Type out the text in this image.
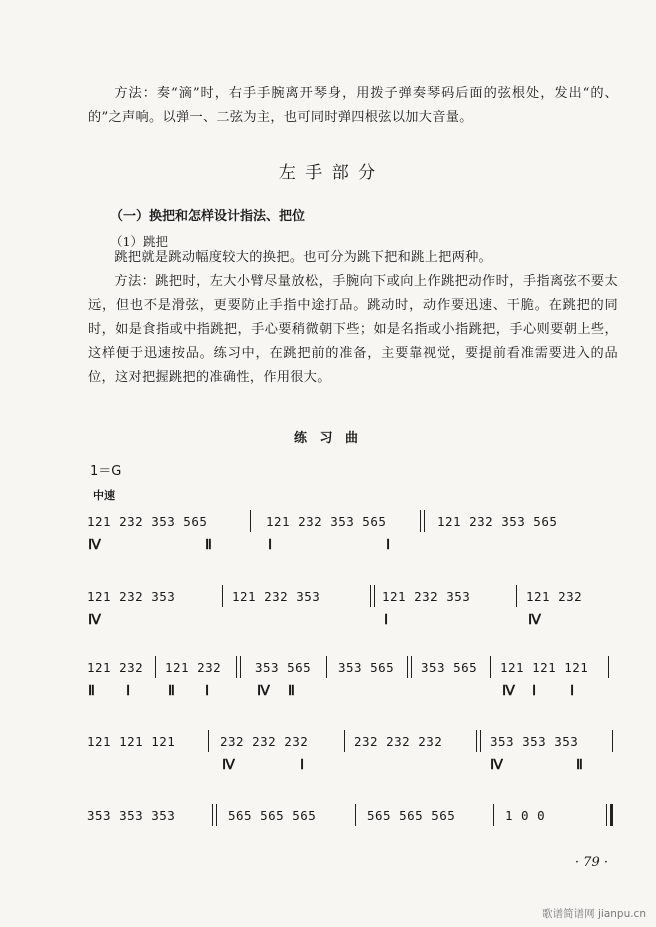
方法：奏“滴”时，右手手腕离开琴身，用拨子弹奏琴码后面的弦根处，发出“的、的”之声响。以弹一、二弦为主，也可同时弹四根弦以加大音量。

左 手 部 分
（一）换把和怎样设计指法、把位
（1）跳把

跳把就是跳动幅度较大的换把。也可分为跳下把和跳上把两种。

方法：跳把时，左大小臂尽量放松，手腕向下或向上作跳把动作时，手指离弦不要太远，但也不是滑弦，更要防止手指中途打品。跳动时，动作要迅速、干脆。在跳把的同时，如是食指或中指跳把，手心要稍微朝下些；如是名指或小指跳把，手心则要朝上些，这样便于迅速按品。练习中，在跳把前的准备，主要靠视觉，要提前看准需要进入的品位，这对把握跳把的准确性，作用很大。

练 习 曲
1＝G
中速
121 232 353 565	121 232 353 565	121 232 353 565
Ⅳ	Ⅱ	Ⅰ	Ⅰ
121 232 353	121 232 353	121 232 353	121 232
Ⅳ	Ⅰ	Ⅳ
121 232 121 232	353 565 353 565 353 565 121 121 121
Ⅱ Ⅰ	Ⅱ Ⅰ	Ⅳ Ⅱ	Ⅳ Ⅰ Ⅰ
121 121 121	232 232 232	232 232 232	353 353 353
Ⅳ	Ⅰ	Ⅳ	Ⅱ
353 353 353	565 565 565	565 565 565	1 0 0
· 79 ·
歌谱简谱网 jianpu.cn
